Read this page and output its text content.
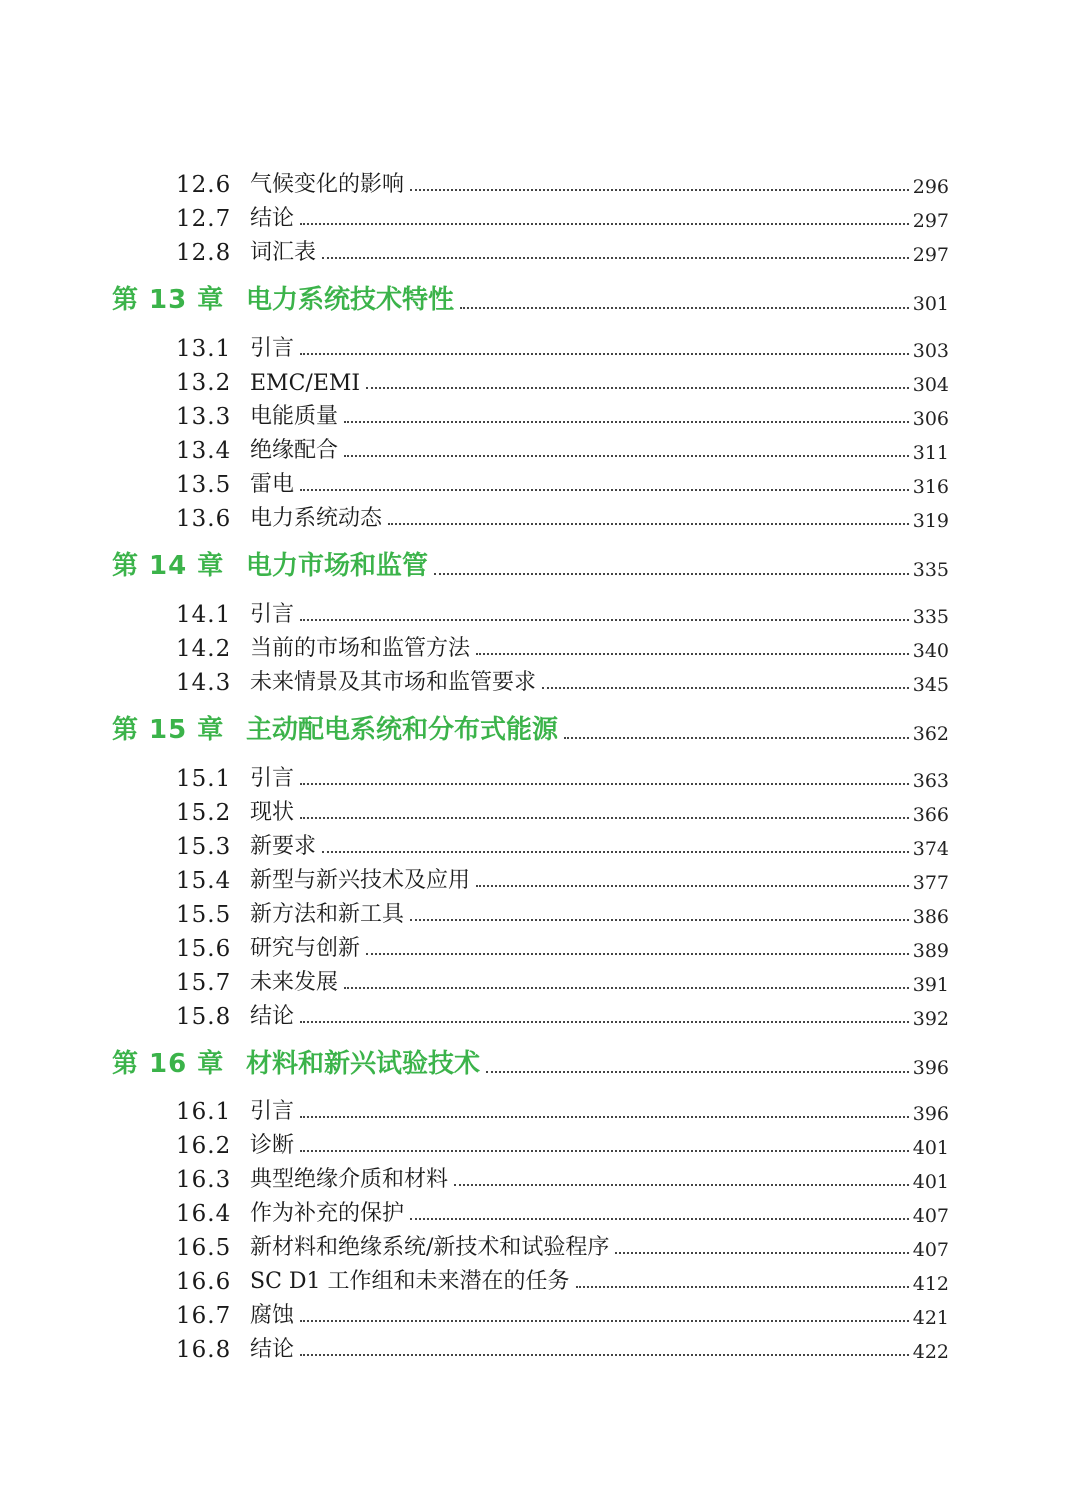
12.6 气候变化的影响	296
12.7 结论	297
12.8 词汇表	297
第 13 章 电力系统技术特性	301
13.1 引言	303
13.2 EMC/EMI	304
13.3 电能质量	306
13.4 绝缘配合	311
13.5 雷电	316
13.6 电力系统动态	319
第 14 章 电力市场和监管	335
14.1 引言	335
14.2 当前的市场和监管方法	340
14.3 未来情景及其市场和监管要求	345
第 15 章 主动配电系统和分布式能源	362
15.1 引言	363
15.2 现状	366
15.3 新要求	374
15.4 新型与新兴技术及应用	377
15.5 新方法和新工具	386
15.6 研究与创新	389
15.7 未来发展	391
15.8 结论	392
第 16 章 材料和新兴试验技术	396
16.1 引言	396
16.2 诊断	401
16.3 典型绝缘介质和材料	401
16.4 作为补充的保护	407
16.5 新材料和绝缘系统/新技术和试验程序	407
16.6 SC D1 工作组和未来潜在的任务	412
16.7 腐蚀	421
16.8 结论	422
